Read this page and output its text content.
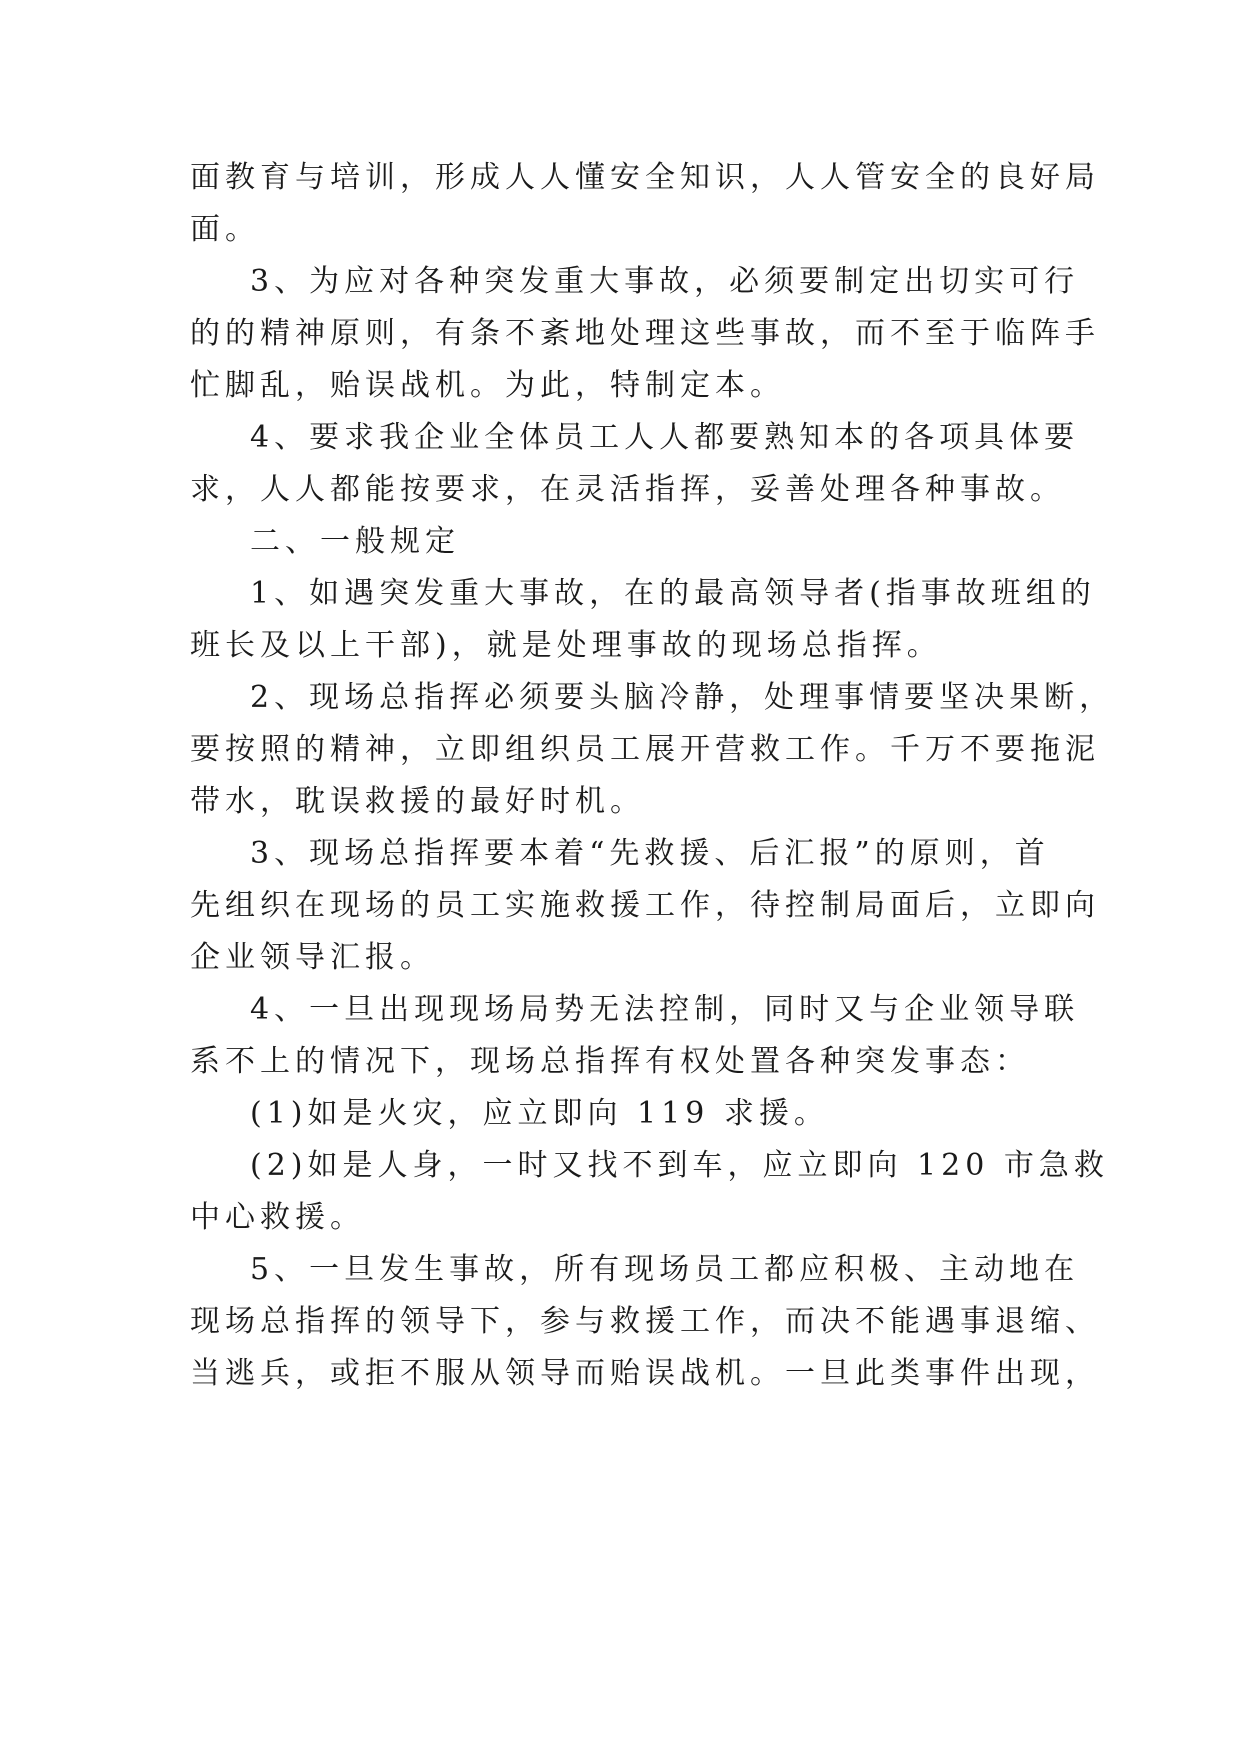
面教育与培训，形成人人懂安全知识，人人管安全的良好局
面。
3、为应对各种突发重大事故，必须要制定出切实可行
的的精神原则，有条不紊地处理这些事故，而不至于临阵手
忙脚乱，贻误战机。为此，特制定本。
4、要求我企业全体员工人人都要熟知本的各项具体要
求，人人都能按要求，在灵活指挥，妥善处理各种事故。
二、一般规定
1、如遇突发重大事故，在的最高领导者(指事故班组的
班长及以上干部)，就是处理事故的现场总指挥。
2、现场总指挥必须要头脑冷静，处理事情要坚决果断，
要按照的精神，立即组织员工展开营救工作。千万不要拖泥
带水，耽误救援的最好时机。
3、现场总指挥要本着“先救援、后汇报”的原则，首
先组织在现场的员工实施救援工作，待控制局面后，立即向
企业领导汇报。
4、一旦出现现场局势无法控制，同时又与企业领导联
系不上的情况下，现场总指挥有权处置各种突发事态：
(1)如是火灾，应立即向 119 求援。
(2)如是人身，一时又找不到车，应立即向 120 市急救
中心救援。
5、一旦发生事故，所有现场员工都应积极、主动地在
现场总指挥的领导下，参与救援工作，而决不能遇事退缩、
当逃兵，或拒不服从领导而贻误战机。一旦此类事件出现，
